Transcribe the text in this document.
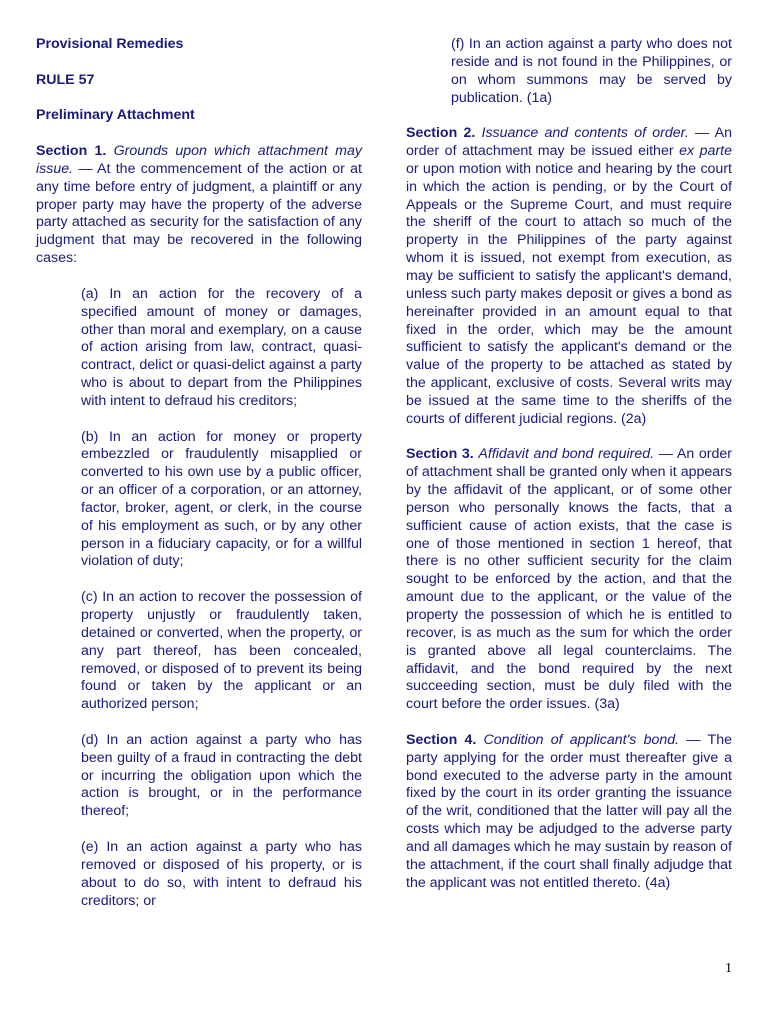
Provisional Remedies
RULE 57
Preliminary Attachment

Section 1. Grounds upon which attachment may issue. — At the commencement of the action or at any time before entry of judgment, a plaintiff or any proper party may have the property of the adverse party attached as security for the satisfaction of any judgment that may be recovered in the following cases:

(a) In an action for the recovery of a specified amount of money or damages, other than moral and exemplary, on a cause of action arising from law, contract, quasi-contract, delict or quasi-delict against a party who is about to depart from the Philippines with intent to defraud his creditors;

(b) In an action for money or property embezzled or fraudulently misapplied or converted to his own use by a public officer, or an officer of a corporation, or an attorney, factor, broker, agent, or clerk, in the course of his employment as such, or by any other person in a fiduciary capacity, or for a willful violation of duty;

(c) In an action to recover the possession of property unjustly or fraudulently taken, detained or converted, when the property, or any part thereof, has been concealed, removed, or disposed of to prevent its being found or taken by the applicant or an authorized person;

(d) In an action against a party who has been guilty of a fraud in contracting the debt or incurring the obligation upon which the action is brought, or in the performance thereof;

(e) In an action against a party who has removed or disposed of his property, or is about to do so, with intent to defraud his creditors; or

(f) In an action against a party who does not reside and is not found in the Philippines, or on whom summons may be served by publication. (1a)

Section 2. Issuance and contents of order. — An order of attachment may be issued either ex parte or upon motion with notice and hearing by the court in which the action is pending, or by the Court of Appeals or the Supreme Court, and must require the sheriff of the court to attach so much of the property in the Philippines of the party against whom it is issued, not exempt from execution, as may be sufficient to satisfy the applicant's demand, unless such party makes deposit or gives a bond as hereinafter provided in an amount equal to that fixed in the order, which may be the amount sufficient to satisfy the applicant's demand or the value of the property to be attached as stated by the applicant, exclusive of costs. Several writs may be issued at the same time to the sheriffs of the courts of different judicial regions. (2a)

Section 3. Affidavit and bond required. — An order of attachment shall be granted only when it appears by the affidavit of the applicant, or of some other person who personally knows the facts, that a sufficient cause of action exists, that the case is one of those mentioned in section 1 hereof, that there is no other sufficient security for the claim sought to be enforced by the action, and that the amount due to the applicant, or the value of the property the possession of which he is entitled to recover, is as much as the sum for which the order is granted above all legal counterclaims. The affidavit, and the bond required by the next succeeding section, must be duly filed with the court before the order issues. (3a)

Section 4. Condition of applicant's bond. — The party applying for the order must thereafter give a bond executed to the adverse party in the amount fixed by the court in its order granting the issuance of the writ, conditioned that the latter will pay all the costs which may be adjudged to the adverse party and all damages which he may sustain by reason of the attachment, if the court shall finally adjudge that the applicant was not entitled thereto. (4a)

1
